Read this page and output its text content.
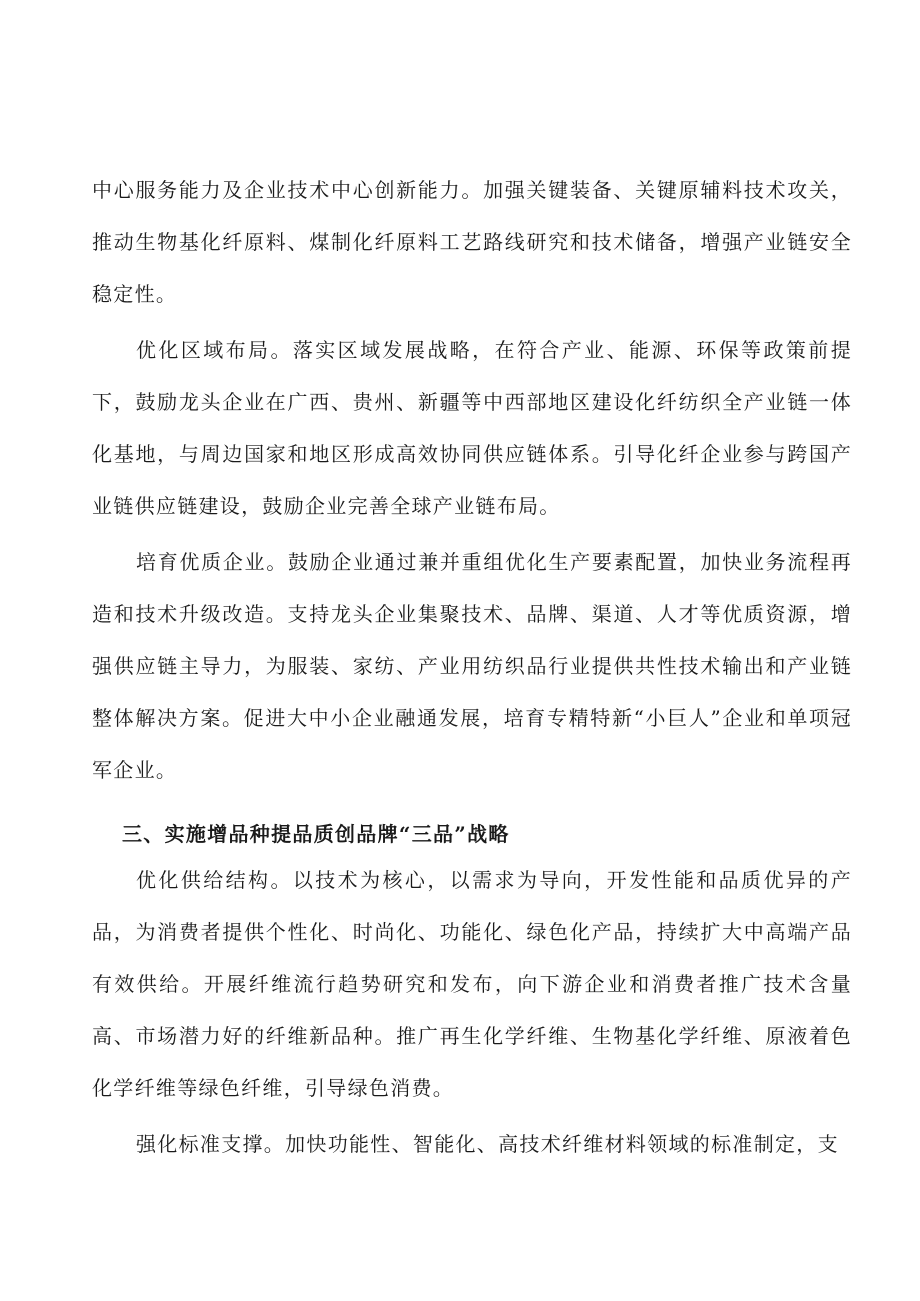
中心服务能力及企业技术中心创新能力。加强关键装备、关键原辅料技术攻关，推动生物基化纤原料、煤制化纤原料工艺路线研究和技术储备，增强产业链安全稳定性。

优化区域布局。落实区域发展战略，在符合产业、能源、环保等政策前提下，鼓励龙头企业在广西、贵州、新疆等中西部地区建设化纤纺织全产业链一体化基地，与周边国家和地区形成高效协同供应链体系。引导化纤企业参与跨国产业链供应链建设，鼓励企业完善全球产业链布局。

培育优质企业。鼓励企业通过兼并重组优化生产要素配置，加快业务流程再造和技术升级改造。支持龙头企业集聚技术、品牌、渠道、人才等优质资源，增强供应链主导力，为服装、家纺、产业用纺织品行业提供共性技术输出和产业链整体解决方案。促进大中小企业融通发展，培育专精特新“小巨人”企业和单项冠军企业。

三、实施增品种提品质创品牌“三品”战略

优化供给结构。以技术为核心，以需求为导向，开发性能和品质优异的产品，为消费者提供个性化、时尚化、功能化、绿色化产品，持续扩大中高端产品有效供给。开展纤维流行趋势研究和发布，向下游企业和消费者推广技术含量高、市场潜力好的纤维新品种。推广再生化学纤维、生物基化学纤维、原液着色化学纤维等绿色纤维，引导绿色消费。

强化标准支撑。加快功能性、智能化、高技术纤维材料领域的标准制定，支
